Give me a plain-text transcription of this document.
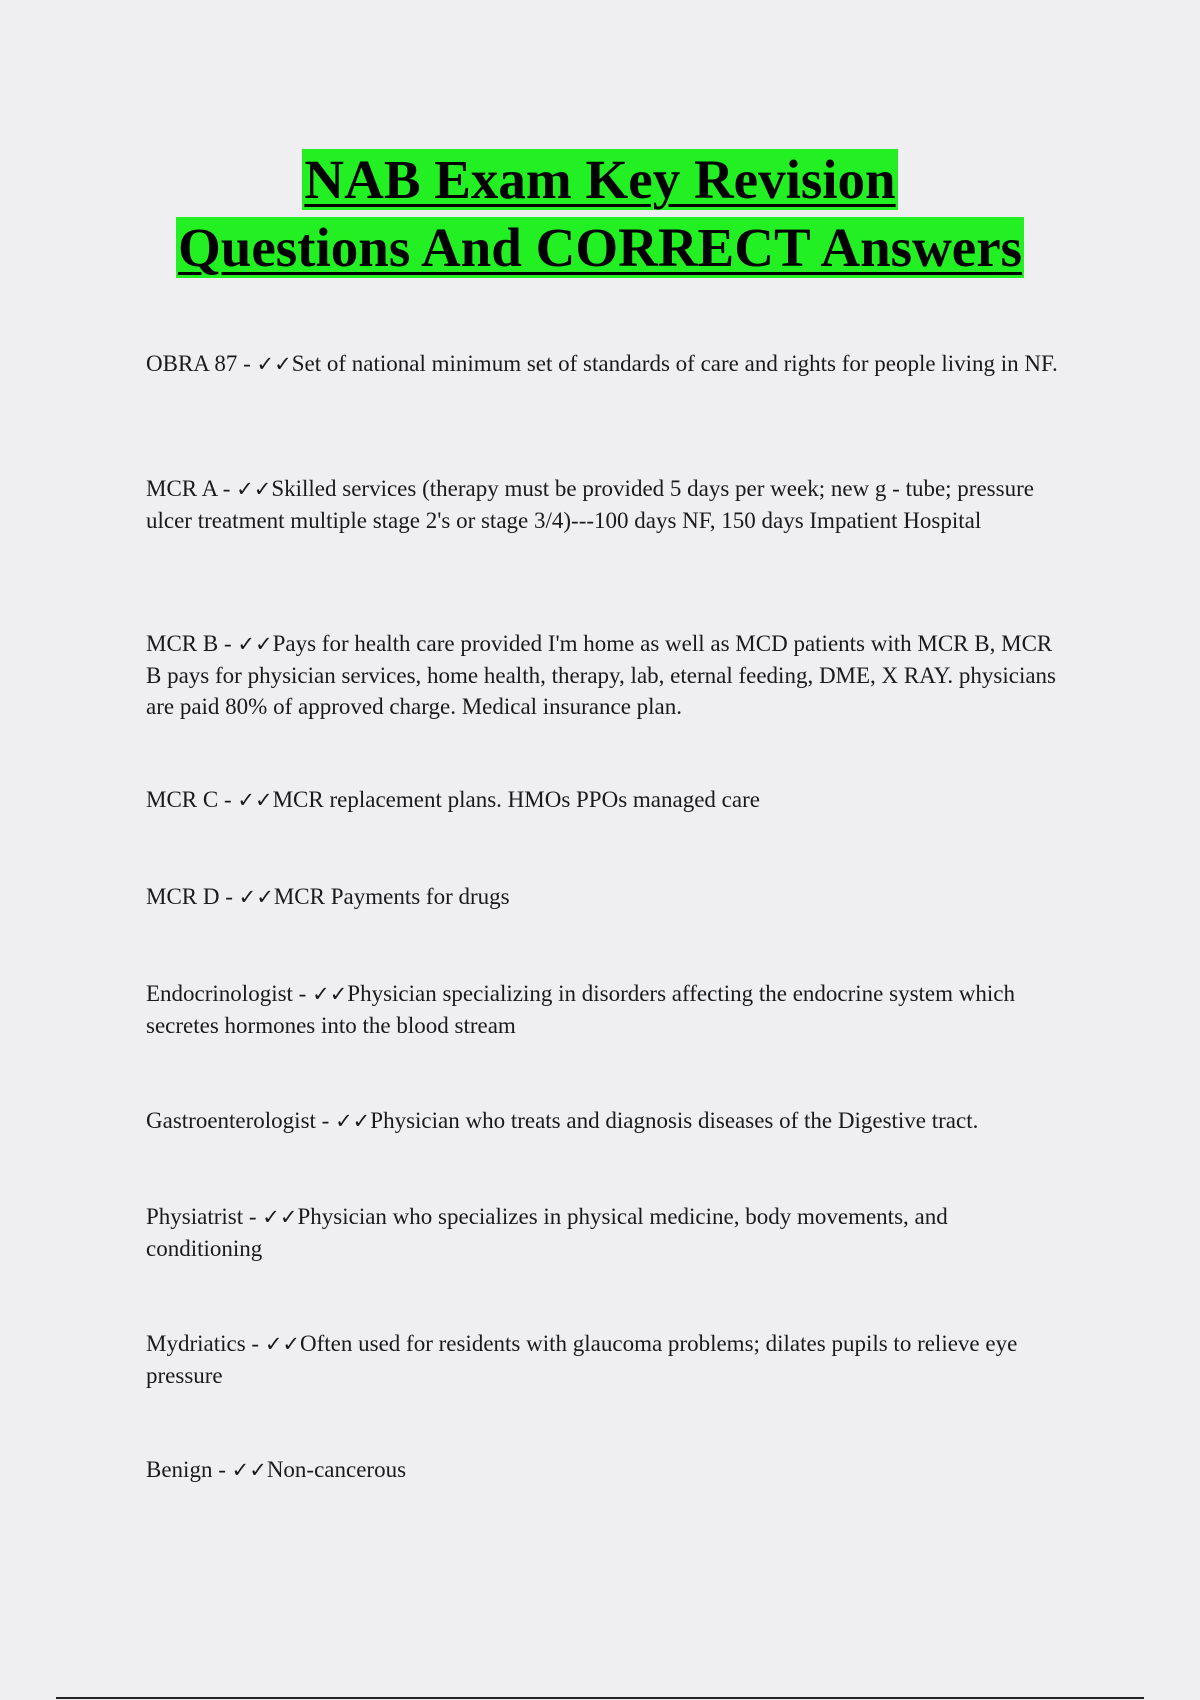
NAB Exam Key Revision
Questions And CORRECT Answers
OBRA 87 - ✓✓Set of national minimum set of standards of care and rights for people living in NF.
MCR A - ✓✓Skilled services (therapy must be provided 5 days per week; new g - tube; pressure ulcer treatment multiple stage 2's or stage 3/4)---100 days NF, 150 days Impatient Hospital
MCR B - ✓✓Pays for health care provided I'm home as well as MCD patients with MCR B, MCR B pays for physician services, home health, therapy, lab, eternal feeding, DME, X RAY. physicians are paid 80% of approved charge. Medical insurance plan.
MCR C - ✓✓MCR replacement plans. HMOs PPOs managed care
MCR D - ✓✓MCR Payments for drugs
Endocrinologist - ✓✓Physician specializing in disorders affecting the endocrine system which secretes hormones into the blood stream
Gastroenterologist - ✓✓Physician who treats and diagnosis diseases of the Digestive tract.
Physiatrist - ✓✓Physician who specializes in physical medicine, body movements, and conditioning
Mydriatics - ✓✓Often used for residents with glaucoma problems; dilates pupils to relieve eye pressure
Benign - ✓✓Non-cancerous
